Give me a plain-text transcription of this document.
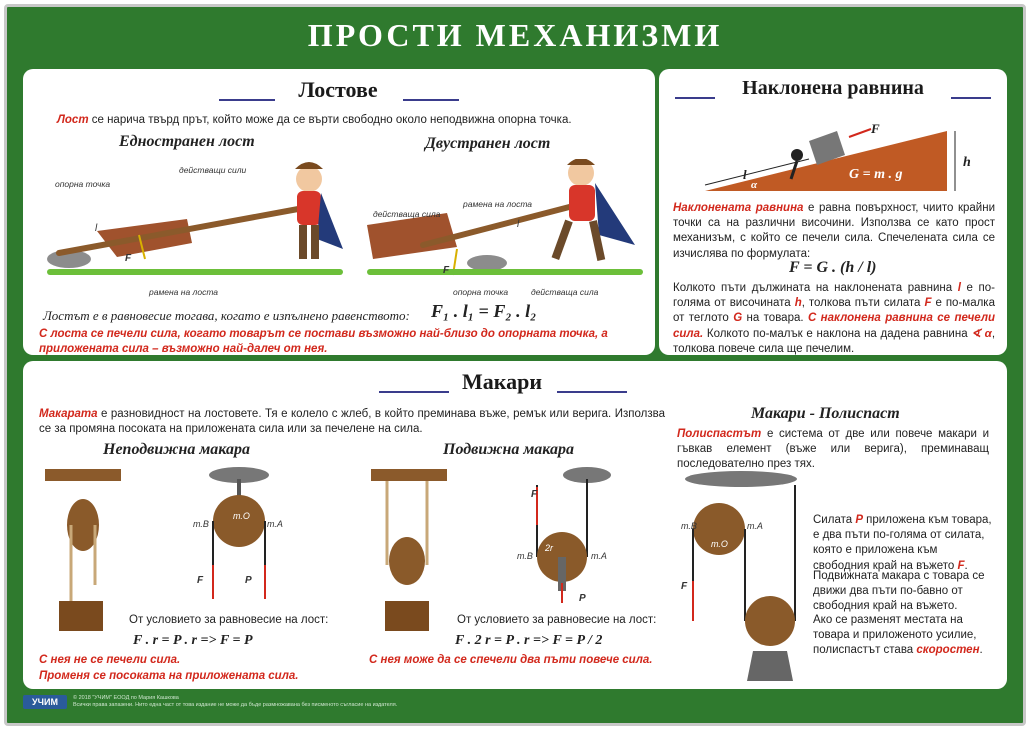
ПРОСТИ МЕХАНИЗМИ
Лостове
Лост се нарича твърд прът, който може да се върти свободно около неподвижна опорна точка.
Едностранен лост	Двустранен лост
опорна точка
действащи сили
рамена на лоста
l
F
действаща сила
рамена на лоста
опорна точка	действаща сила
F
l
Лостът е в равновесие тогава, когато е изпълнено равенството: F₁ . l₁ = F₂ . l₂
С лоста се печели сила, когато товарът се постави възможно най-близо до опорната точка, а приложената сила – възможно най-далеч от нея.
Наклонена равнина
F
h
l
α
G = m . g
Наклонената равнина е равна повърхност, чиито крайни точки са на различни височини. Използва се като прост механизъм, с който се печели сила. Спечелената сила се изчислява по формулата:
F = G . (h / l)
Колкото пъти дължината на наклонената равнина l е по-голяма от височината h, толкова пъти силата F е по-малка от теглото G на товара. С наклонена равнина се печели сила. Колкото по-малък е наклона на дадена равнина ∢ α, толкова повече сила ще печелим.
Макари
Макарата е разновидност на лостовете. Тя е колело с жлеб, в който преминава въже, ремък или верига. Използва се за промяна посоката на приложената сила или за печелене на сила.
Неподвижна макара	Подвижна макара
Макари - Полиспаст
т.B	т.A
т.O
F	P
От условието за равновесие на лост:
F . r = P . r => F = P
С нея не се печели сила.
Променя се посоката на приложената сила.
F
т.B	т.A
2r
P
От условието за равновесие на лост:
F . 2 r = P . r => F = P / 2
С нея може да се спечели два пъти повече сила.
Полиспастът е система от две или повече макари и гъвкав елемент (въже или верига), преминаващ последователно през тях.
т.B	т.A
т.O
F
Силата P приложена към товара, е два пъти по-голяма от силата, която е приложена към свободния край на въжето F.
Подвижната макара с товара се движи два пъти по-бавно от свободния край на въжето.
Ако се разменят местата на товара и приложеното усилие, полиспастът става скоростен.
УЧИМ	© 2018 "УЧИМ" ЕООД по Мария Кашкова
Всички права запазени. Нито една част от това издание не може да бъде размножавана без писменото съгласие на издателя.
